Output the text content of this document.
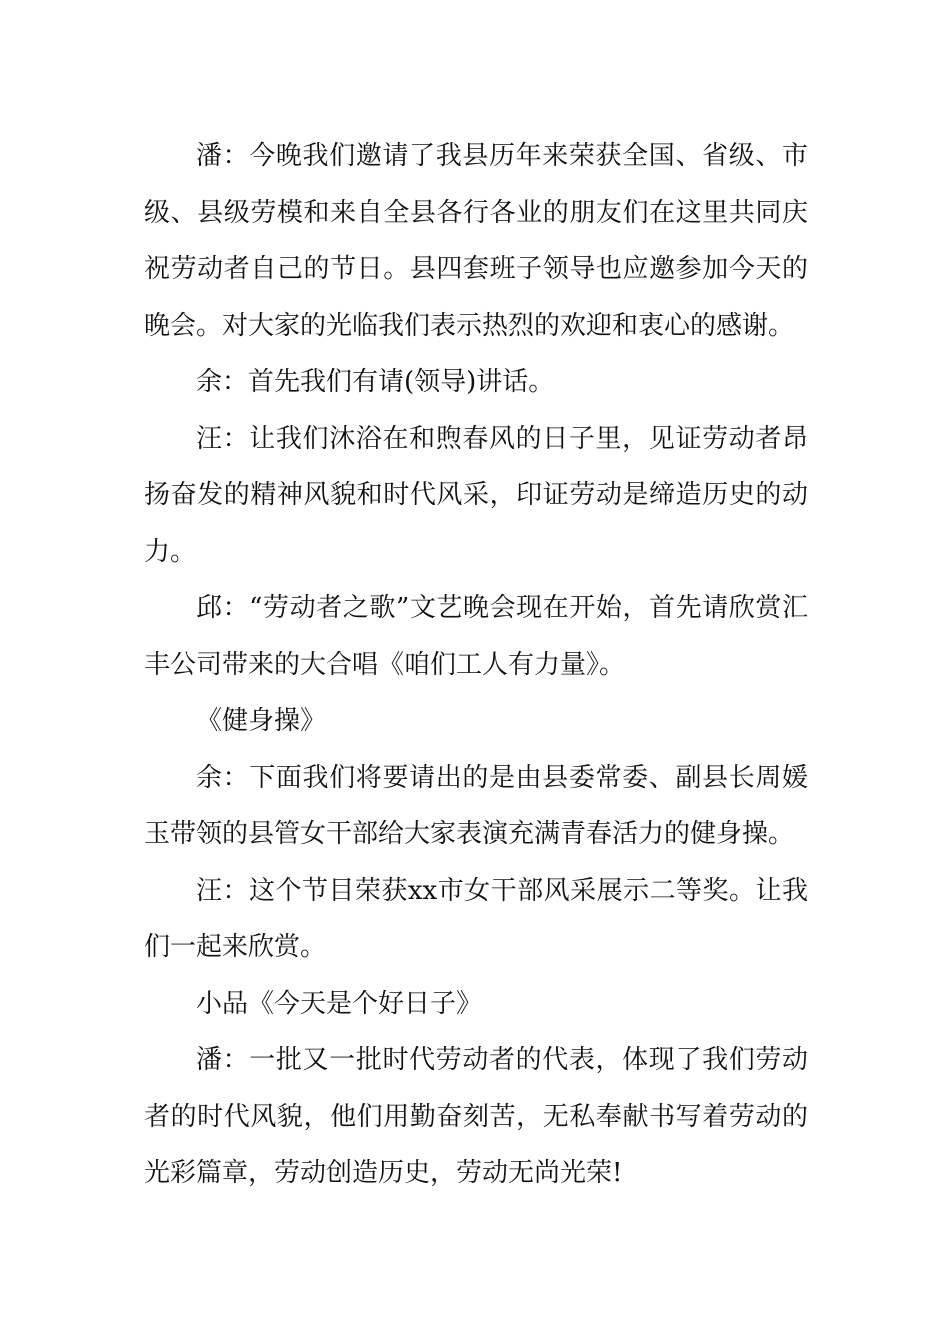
潘：今晚我们邀请了我县历年来荣获全国、省级、市级、县级劳模和来自全县各行各业的朋友们在这里共同庆祝劳动者自己的节日。县四套班子领导也应邀参加今天的晚会。对大家的光临我们表示热烈的欢迎和衷心的感谢。

余：首先我们有请(领导)讲话。

汪：让我们沐浴在和煦春风的日子里，见证劳动者昂扬奋发的精神风貌和时代风采，印证劳动是缔造历史的动力。

邱：“劳动者之歌”文艺晚会现在开始，首先请欣赏汇丰公司带来的大合唱《咱们工人有力量》。

《健身操》

余：下面我们将要请出的是由县委常委、副县长周媛玉带领的县管女干部给大家表演充满青春活力的健身操。

汪：这个节目荣获xx市女干部风采展示二等奖。让我们一起来欣赏。

小品《今天是个好日子》

潘：一批又一批时代劳动者的代表，体现了我们劳动者的时代风貌，他们用勤奋刻苦，无私奉献书写着劳动的光彩篇章，劳动创造历史，劳动无尚光荣!
